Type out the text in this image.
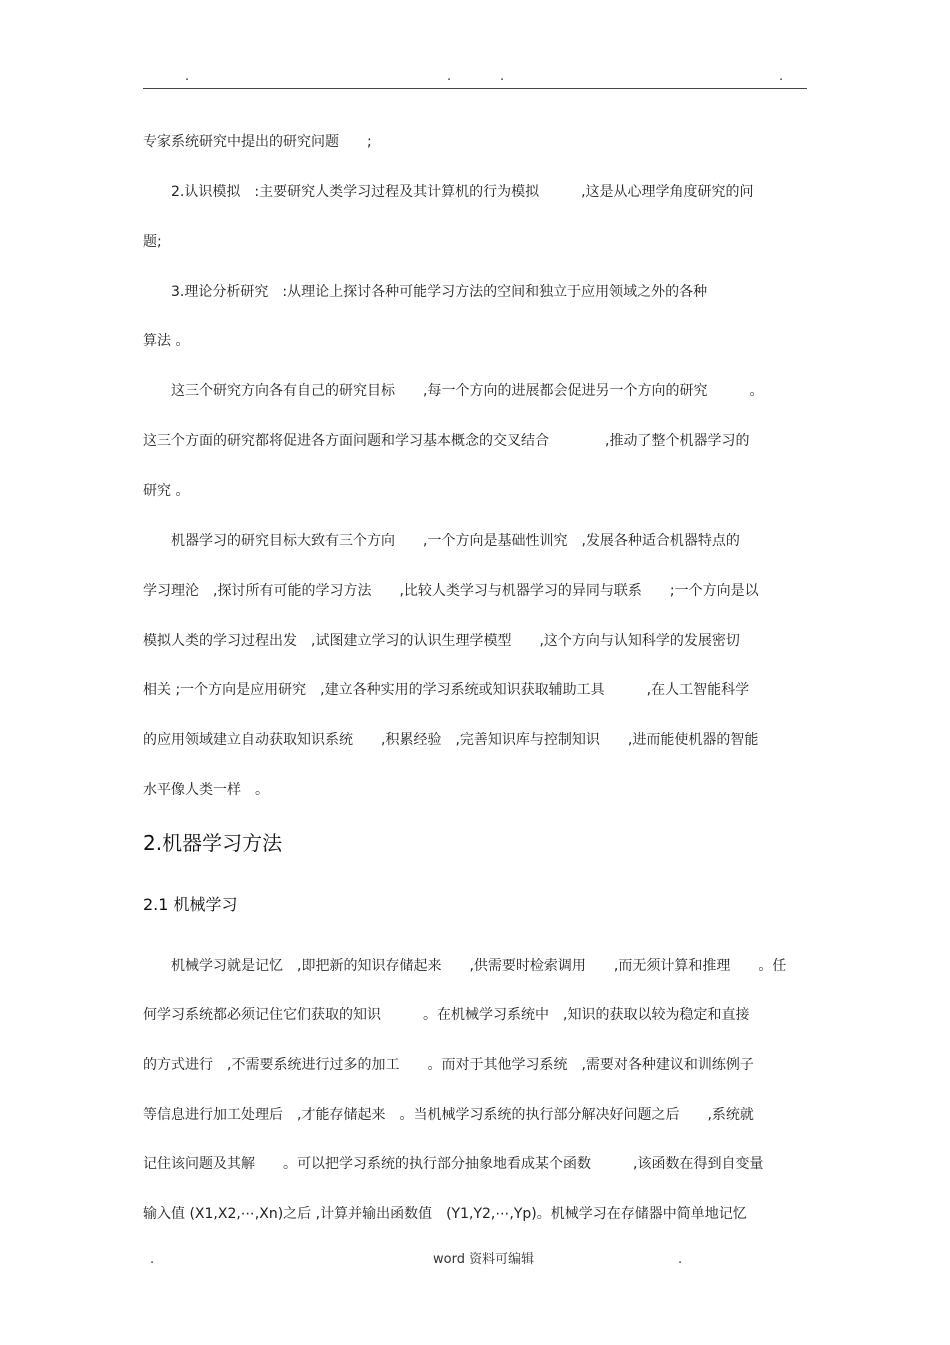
.	.	.	.
专家系统研究中提出的研究问题　　;
　　2.认识模拟　:主要研究人类学习过程及其计算机的行为模拟　　　,这是从心理学角度研究的问
题;
　　3.理论分析研究　:从理论上探讨各种可能学习方法的空间和独立于应用领域之外的各种
算法 。
　　这三个研究方向各有自己的研究目标　　,每一个方向的进展都会促进另一个方向的研究　　　。
这三个方面的研究都将促进各方面问题和学习基本概念的交叉结合　　　　,推动了整个机器学习的
研究 。
　　机器学习的研究目标大致有三个方向　　,一个方向是基础性训究　,发展各种适合机器特点的
学习理沦　,探讨所有可能的学习方法　　,比较人类学习与机器学习的异同与联系　　;一个方向是以
模拟人类的学习过程出发　,试图建立学习的认识生理学模型　　,这个方向与认知科学的发展密切
相关 ;一个方向是应用研究　,建立各种实用的学习系统或知识获取辅助工具　　　,在人工智能科学
的应用领域建立自动获取知识系统　　,积累经验　,完善知识库与控制知识　　,进而能使机器的智能
水平像人类一样　。
2.机器学习方法
2.1 机械学习
　　机械学习就是记忆　,即把新的知识存储起来　　,供需要时检索调用　　,而无须计算和推理　　。任
何学习系统都必须记住它们获取的知识　　　。在机械学习系统中　,知识的获取以较为稳定和直接
的方式进行　,不需要系统进行过多的加工　　。而对于其他学习系统　,需要对各种建议和训练例子
等信息进行加工处理后　,才能存储起来　。当机械学习系统的执行部分解决好问题之后　　,系统就
记住该问题及其解　　。可以把学习系统的执行部分抽象地看成某个函数　　　,该函数在得到自变量
输入值 (X1,X2,⋯,Xn)之后 ,计算并输出函数值　(Y1,Y2,⋯,Yp)。机械学习在存储器中简单地记忆
.	word 资料可编辑	.
